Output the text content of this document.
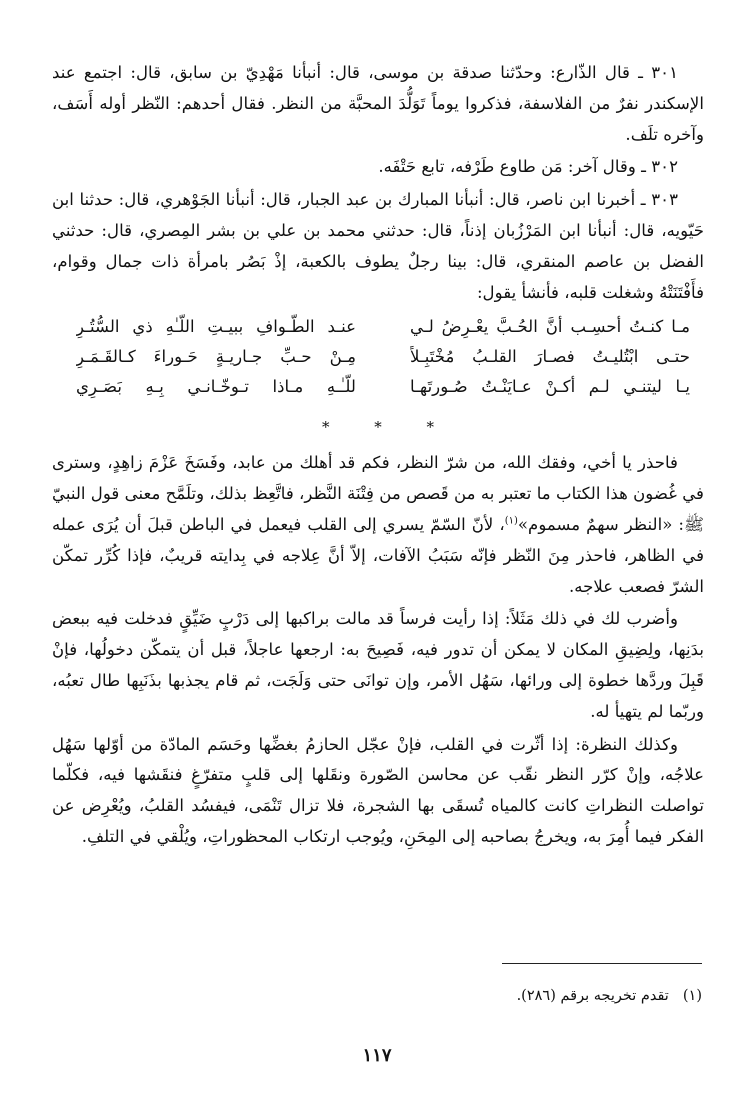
٣٠١ ـ قال الذّارع: وحدّثنا صدقة بن موسى، قال: أنبأنا مَهْدِيّ بن سابق، قال: اجتمع عند الإسكندر نفرٌ من الفلاسفة، فذكروا يوماً تَوَلُّدَ المحبَّة من النظر. فقال أحدهم: النّظر أوله أَسَف، وآخره تلَف.

٣٠٢ ـ وقال آخر: مَن طاوع طَرْفه، تابع حَتْفَه.

٣٠٣ ـ أخبرنا ابن ناصر، قال: أنبأنا المبارك بن عبد الجبار، قال: أنبأنا الجَوْهري، قال: حدثنا ابن حَيّويه، قال: أنبأنا ابن المَرْزُبان إذناً، قال: حدثني محمد بن علي بن بشر المِصري، قال: حدثني الفضل بن عاصم المنقري، قال: بينا رجلٌ يطوف بالكعبة، إذْ بَصُر بامرأة ذات جمال وقوام، فأَفْتَنَتْهُ وشغلت قلبه، فأنشأ يقول:

مـا كنـتُ أحسِـب أنَّ الحُـبَّ يعْـرِضُ لـي
عنـد الطّـوافِ ببيـتِ اللّـٰهِ ذي السُّتُـرِ
حتـى ابْتُليـتُ فصـارَ القلـبُ مُخْتَبِـلاً
مِـنْ حـبِّ جـاريـةٍ حَـوراءَ كـالقَـمَـرِ
يـا ليتنـي لـم أكـنْ عـايَنْـتُ صُـورتَهـا
للّـٰـهِ مـاذا تـوخّـانـي بِـهِ بَصَـرِي
* * *

فاحذر يا أخي، وفقك الله، من شرّ النظر، فكم قد أهلك من عابد، وفَسَخَ عَزْمَ زاهِدٍ، وسترى في غُضون هذا الكتاب ما تعتبر به من قَصص من فِتْنَة النَّظر، فاتَّعِظ بذلك، وتلَمَّح معنى قول النبيّ ﷺ: «النظر سهمٌ مسموم»$^{(١)}$، لأنّ السّمّ يسري إلى القلب فيعمل في الباطن قبلَ أن يُرَى عمله في الظاهر، فاحذر مِنَ النّظر فإنّه سَبَبُ الآفات، إلاّ أنَّ عِلاجه في بِدايته قريبٌ، فإذا كُرِّر تمكّن الشرّ فصعب علاجه.

وأضرب لك في ذلك مَثَلاً: إذا رأيت فرساً قد مالت براكبها إلى دَرْبٍ ضَيِّقٍ فدخلت فيه ببعض بدَنِها، ولِضِيقِ المكان لا يمكن أن تدور فيه، فَصِيحَ به: ارجعها عاجلاً، قبل أن يتمكّن دخولُها، فإنْ قَبِلَ وردَّها خطوة إلى ورائها، سَهُل الأمر، وإن توانَى حتى وَلَجَت، ثم قام يجذبها بذَنَبِها طال تعبُه، وربّما لم يتهيأ له.

وكذلك النظرة: إذا أثّرت في القلب، فإنْ عجّل الحازمُ بغضِّها وحَسَم المادّة من أوّلها سَهُل علاجُه، وإنْ كرّر النظر نقّب عن محاسن الصّورة ونقَلها إلى قلبٍ متفرّغٍ فنقَشها فيه، فكلّما تواصلت النظراتِ كانت كالمياه تُسقَى بها الشجرة، فلا تزال تَنْمَى، فيفسُد القلبُ، ويُعْرِض عن الفكر فيما أُمِرَ به، ويخرجُ بصاحبه إلى المِحَنِ، ويُوجب ارتكاب المحظوراتِ، ويُلْقي في التلفِ.

(١)
تقدم تخريجه برقم (٢٨٦).
١١٧
